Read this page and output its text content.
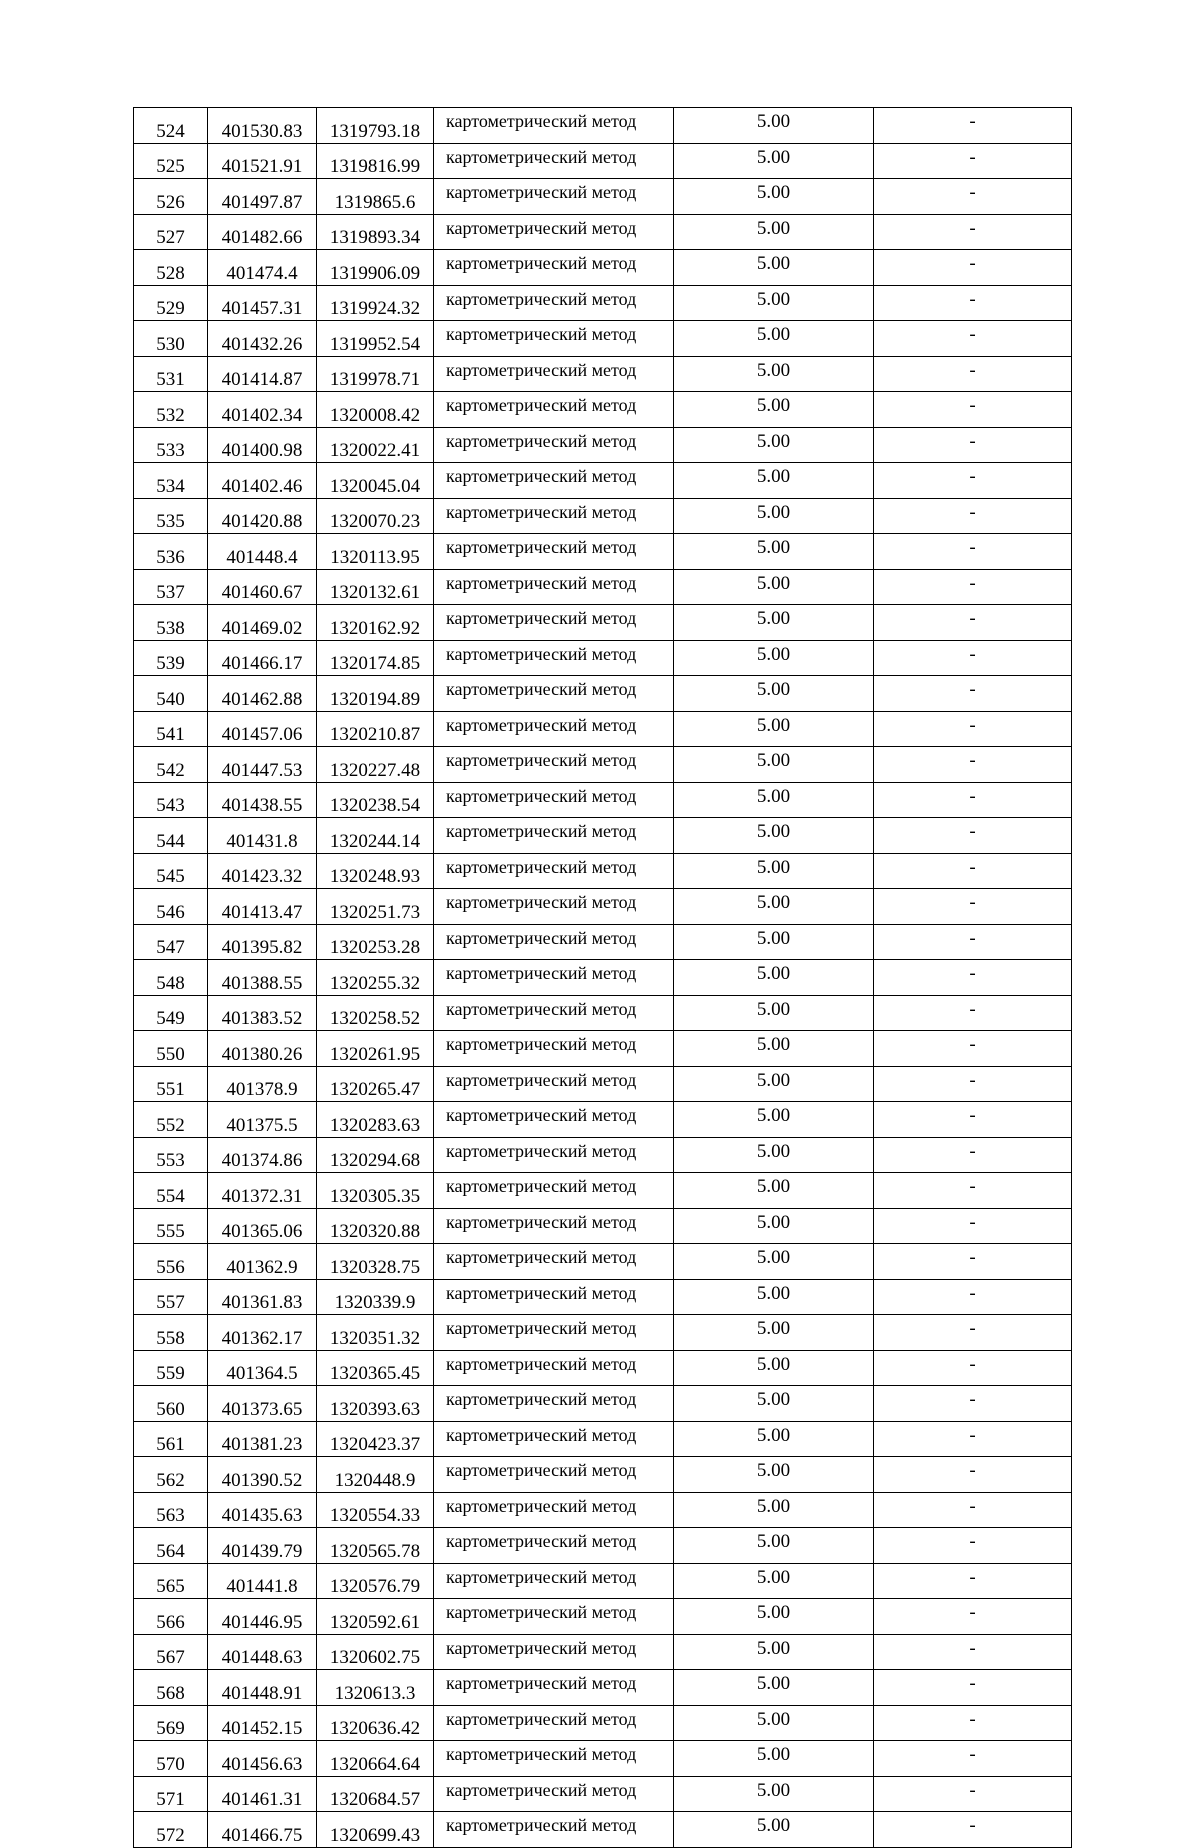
524	401530.83	1319793.18	картометрический метод	5.00	-
525	401521.91	1319816.99	картометрический метод	5.00	-
526	401497.87	1319865.6	картометрический метод	5.00	-
527	401482.66	1319893.34	картометрический метод	5.00	-
528	401474.4	1319906.09	картометрический метод	5.00	-
529	401457.31	1319924.32	картометрический метод	5.00	-
530	401432.26	1319952.54	картометрический метод	5.00	-
531	401414.87	1319978.71	картометрический метод	5.00	-
532	401402.34	1320008.42	картометрический метод	5.00	-
533	401400.98	1320022.41	картометрический метод	5.00	-
534	401402.46	1320045.04	картометрический метод	5.00	-
535	401420.88	1320070.23	картометрический метод	5.00	-
536	401448.4	1320113.95	картометрический метод	5.00	-
537	401460.67	1320132.61	картометрический метод	5.00	-
538	401469.02	1320162.92	картометрический метод	5.00	-
539	401466.17	1320174.85	картометрический метод	5.00	-
540	401462.88	1320194.89	картометрический метод	5.00	-
541	401457.06	1320210.87	картометрический метод	5.00	-
542	401447.53	1320227.48	картометрический метод	5.00	-
543	401438.55	1320238.54	картометрический метод	5.00	-
544	401431.8	1320244.14	картометрический метод	5.00	-
545	401423.32	1320248.93	картометрический метод	5.00	-
546	401413.47	1320251.73	картометрический метод	5.00	-
547	401395.82	1320253.28	картометрический метод	5.00	-
548	401388.55	1320255.32	картометрический метод	5.00	-
549	401383.52	1320258.52	картометрический метод	5.00	-
550	401380.26	1320261.95	картометрический метод	5.00	-
551	401378.9	1320265.47	картометрический метод	5.00	-
552	401375.5	1320283.63	картометрический метод	5.00	-
553	401374.86	1320294.68	картометрический метод	5.00	-
554	401372.31	1320305.35	картометрический метод	5.00	-
555	401365.06	1320320.88	картометрический метод	5.00	-
556	401362.9	1320328.75	картометрический метод	5.00	-
557	401361.83	1320339.9	картометрический метод	5.00	-
558	401362.17	1320351.32	картометрический метод	5.00	-
559	401364.5	1320365.45	картометрический метод	5.00	-
560	401373.65	1320393.63	картометрический метод	5.00	-
561	401381.23	1320423.37	картометрический метод	5.00	-
562	401390.52	1320448.9	картометрический метод	5.00	-
563	401435.63	1320554.33	картометрический метод	5.00	-
564	401439.79	1320565.78	картометрический метод	5.00	-
565	401441.8	1320576.79	картометрический метод	5.00	-
566	401446.95	1320592.61	картометрический метод	5.00	-
567	401448.63	1320602.75	картометрический метод	5.00	-
568	401448.91	1320613.3	картометрический метод	5.00	-
569	401452.15	1320636.42	картометрический метод	5.00	-
570	401456.63	1320664.64	картометрический метод	5.00	-
571	401461.31	1320684.57	картометрический метод	5.00	-
572	401466.75	1320699.43	картометрический метод	5.00	-
